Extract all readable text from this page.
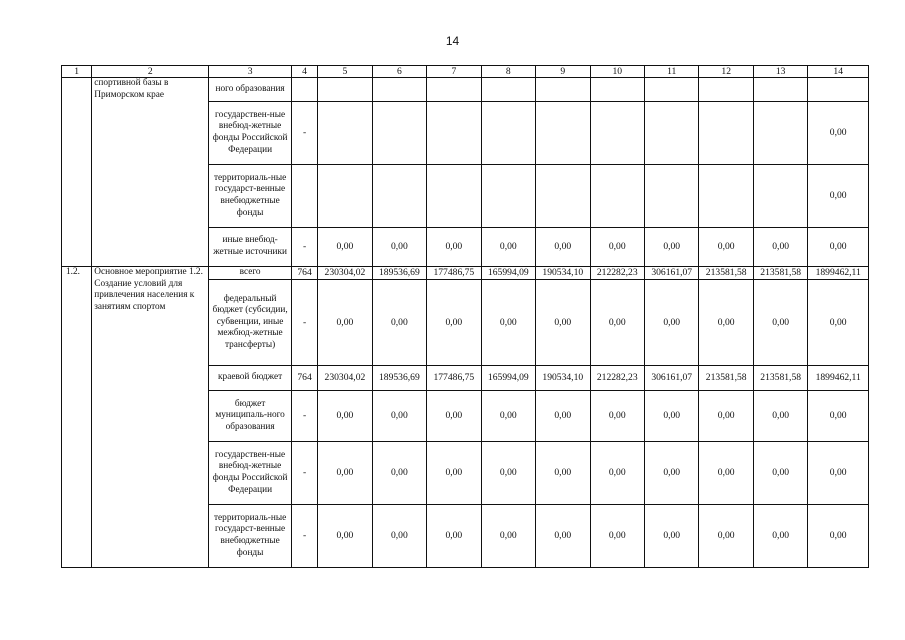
14
1	2	3	4	5	6	7	8	9	10	11	12	13	14
	спортивной базы в Приморском крае	ного образования											
		государствен-ные внебюд-жетные фонды Российской Федерации	-										0,00
		территориаль-ные государст-венные внебюджетные фонды											0,00
		иные внебюд-жетные источники	-	0,00	0,00	0,00	0,00	0,00	0,00	0,00	0,00	0,00	0,00
1.2.	Основное мероприятие 1.2. Создание условий для привлечения населения к занятиям спортом	всего	764	230304,02	189536,69	177486,75	165994,09	190534,10	212282,23	306161,07	213581,58	213581,58	1899462,11
		федеральный бюджет (субсидии, субвенции, иные межбюд-жетные трансферты)	-	0,00	0,00	0,00	0,00	0,00	0,00	0,00	0,00	0,00	0,00
		краевой бюджет	764	230304,02	189536,69	177486,75	165994,09	190534,10	212282,23	306161,07	213581,58	213581,58	1899462,11
		бюджет муниципаль-ного образования	-	0,00	0,00	0,00	0,00	0,00	0,00	0,00	0,00	0,00	0,00
		государствен-ные внебюд-жетные фонды Российской Федерации	-	0,00	0,00	0,00	0,00	0,00	0,00	0,00	0,00	0,00	0,00
		территориаль-ные государст-венные внебюджетные фонды	-	0,00	0,00	0,00	0,00	0,00	0,00	0,00	0,00	0,00	0,00
